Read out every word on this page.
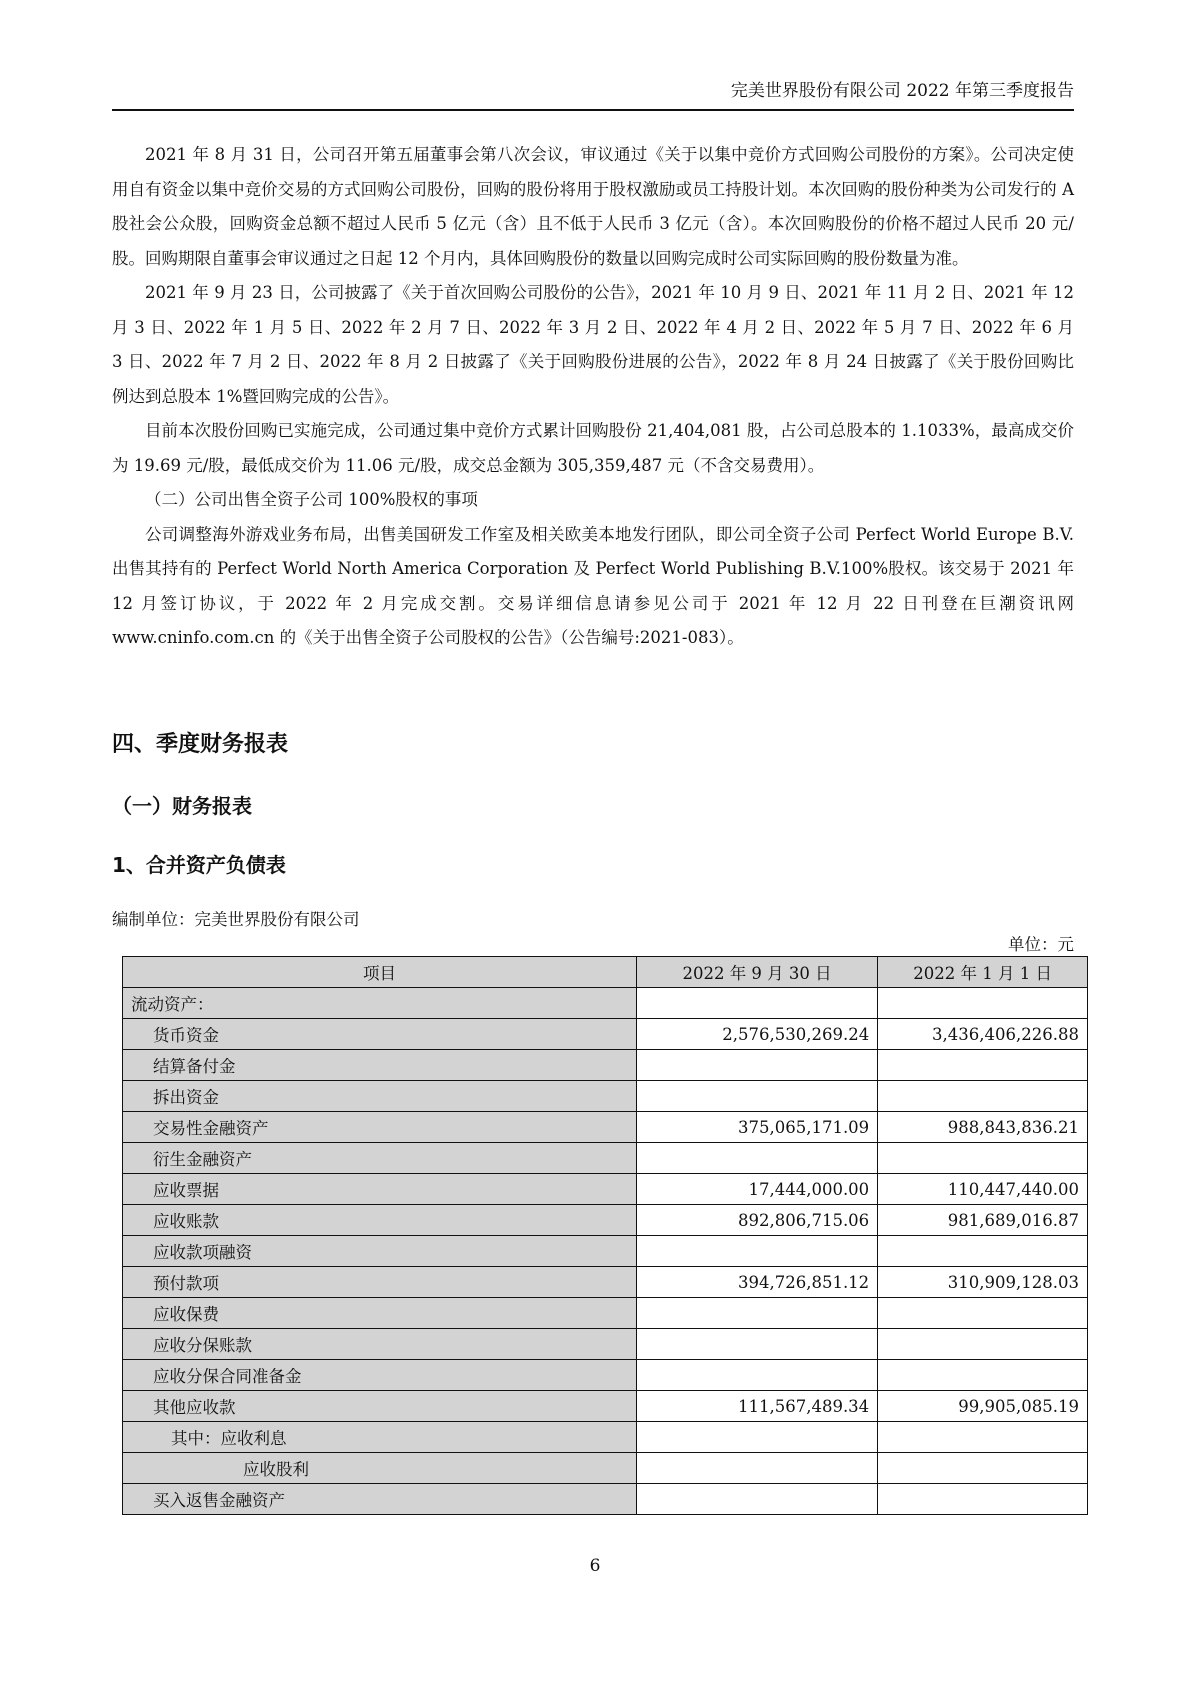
完美世界股份有限公司 2022 年第三季度报告

2021 年 8 月 31 日，公司召开第五届董事会第八次会议，审议通过《关于以集中竞价方式回购公司股份的方案》。公司决定使用自有资金以集中竞价交易的方式回购公司股份，回购的股份将用于股权激励或员工持股计划。本次回购的股份种类为公司发行的 A 股社会公众股，回购资金总额不超过人民币 5 亿元（含）且不低于人民币 3 亿元（含）。本次回购股份的价格不超过人民币 20 元/股。回购期限自董事会审议通过之日起 12 个月内，具体回购股份的数量以回购完成时公司实际回购的股份数量为准。

2021 年 9 月 23 日，公司披露了《关于首次回购公司股份的公告》，2021 年 10 月 9 日、2021 年 11 月 2 日、2021 年 12 月 3 日、2022 年 1 月 5 日、2022 年 2 月 7 日、2022 年 3 月 2 日、2022 年 4 月 2 日、2022 年 5 月 7 日、2022 年 6 月 3 日、2022 年 7 月 2 日、2022 年 8 月 2 日披露了《关于回购股份进展的公告》，2022 年 8 月 24 日披露了《关于股份回购比例达到总股本 1%暨回购完成的公告》。

目前本次股份回购已实施完成，公司通过集中竞价方式累计回购股份 21,404,081 股，占公司总股本的 1.1033%，最高成交价为 19.69 元/股，最低成交价为 11.06 元/股，成交总金额为 305,359,487 元（不含交易费用）。

（二）公司出售全资子公司 100%股权的事项

公司调整海外游戏业务布局，出售美国研发工作室及相关欧美本地发行团队，即公司全资子公司 Perfect World Europe B.V.出售其持有的 Perfect World North America Corporation 及 Perfect World Publishing B.V.100%股权。该交易于 2021 年 12 月签订协议，于 2022 年 2 月完成交割。交易详细信息请参见公司于 2021 年 12 月 22 日刊登在巨潮资讯网 www.cninfo.com.cn 的《关于出售全资子公司股权的公告》（公告编号:2021-083）。

四、季度财务报表
（一）财务报表
1、合并资产负债表
编制单位：完美世界股份有限公司
单位：元
项目	2022 年 9 月 30 日	2022 年 1 月 1 日
流动资产：		
货币资金	2,576,530,269.24	3,436,406,226.88
结算备付金		
拆出资金		
交易性金融资产	375,065,171.09	988,843,836.21
衍生金融资产		
应收票据	17,444,000.00	110,447,440.00
应收账款	892,806,715.06	981,689,016.87
应收款项融资		
预付款项	394,726,851.12	310,909,128.03
应收保费		
应收分保账款		
应收分保合同准备金		
其他应收款	111,567,489.34	99,905,085.19
其中：应收利息		
应收股利		
买入返售金融资产		
6
